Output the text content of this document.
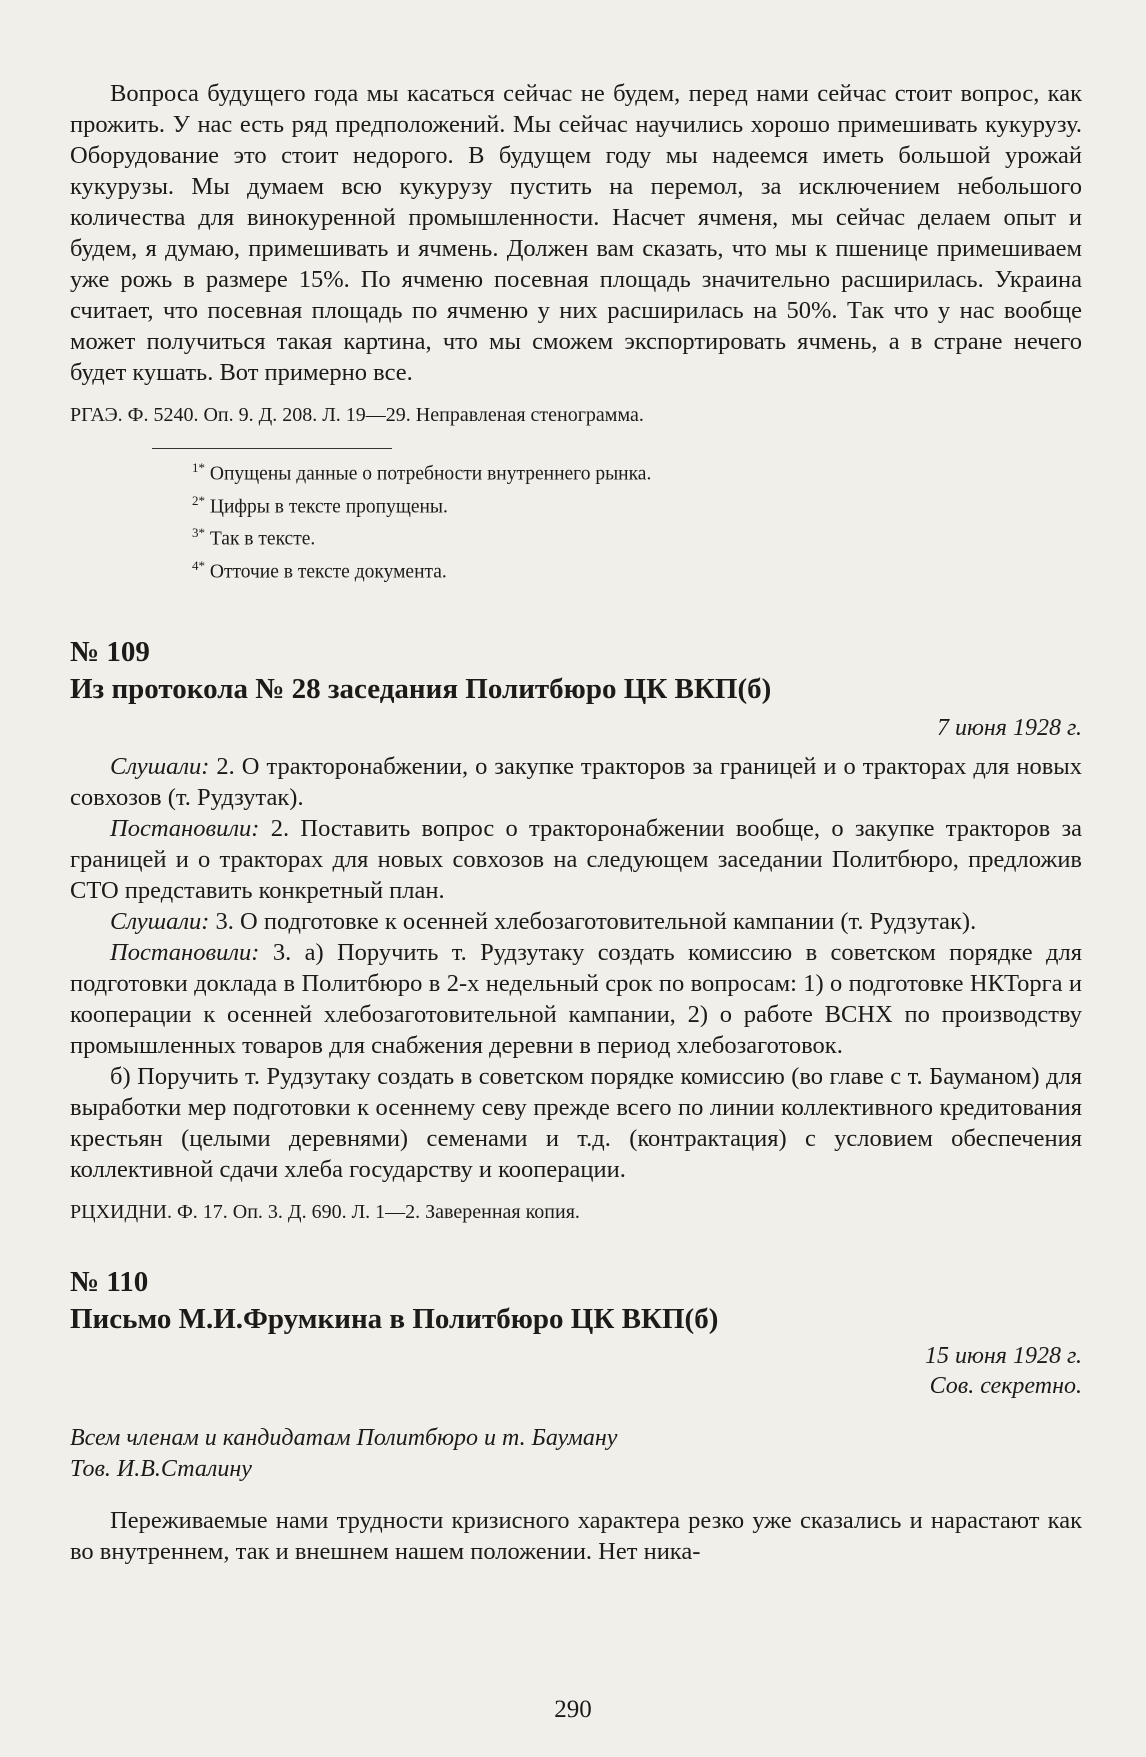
Вопроса будущего года мы касаться сейчас не будем, перед нами сейчас стоит вопрос, как прожить. У нас есть ряд предположений. Мы сейчас научились хорошо примешивать кукурузу. Оборудование это стоит недорого. В будущем году мы надеемся иметь большой урожай кукурузы. Мы думаем всю кукурузу пустить на перемол, за исключением небольшого количества для винокуренной промышленности. Насчет ячменя, мы сейчас делаем опыт и будем, я думаю, примешивать и ячмень. Должен вам сказать, что мы к пшенице примешиваем уже рожь в размере 15%. По ячменю посевная площадь значительно расширилась. Украина считает, что посевная площадь по ячменю у них расширилась на 50%. Так что у нас вообще может получиться такая картина, что мы сможем экспортировать ячмень, а в стране нечего будет кушать. Вот примерно все.

РГАЭ. Ф. 5240. Оп. 9. Д. 208. Л. 19—29. Неправленая стенограмма.

$^{1*}$ Опущены данные о потребности внутреннего рынка.
$^{2*}$ Цифры в тексте пропущены.
$^{3*}$ Так в тексте.
$^{4*}$ Отточие в тексте документа.
№ 109
Из протокола № 28 заседания Политбюро ЦК ВКП(б)
7 июня 1928 г.

Слушали: 2. О тракторонабжении, о закупке тракторов за границей и о тракторах для новых совхозов (т. Рудзутак).

Постановили: 2. Поставить вопрос о тракторонабжении вообще, о закупке тракторов за границей и о тракторах для новых совхозов на следующем заседании Политбюро, предложив СТО представить конкретный план.

Слушали: 3. О подготовке к осенней хлебозаготовительной кампании (т. Рудзутак).

Постановили: 3. а) Поручить т. Рудзутаку создать комиссию в советском порядке для подготовки доклада в Политбюро в 2-х недельный срок по вопросам: 1) о подготовке НКТорга и кооперации к осенней хлебозаготовительной кампании, 2) о работе ВСНХ по производству промышленных товаров для снабжения деревни в период хлебозаготовок.

б) Поручить т. Рудзутаку создать в советском порядке комиссию (во главе с т. Бауманом) для выработки мер подготовки к осеннему севу прежде всего по линии коллективного кредитования крестьян (целыми деревнями) семенами и т.д. (контрактация) с условием обеспечения коллективной сдачи хлеба государству и кооперации.

РЦХИДНИ. Ф. 17. Оп. 3. Д. 690. Л. 1—2. Заверенная копия.

№ 110
Письмо М.И.Фрумкина в Политбюро ЦК ВКП(б)
15 июня 1928 г.
Сов. секретно.
Всем членам и кандидатам Политбюро и т. Бауману
Тов. И.В.Сталину

Переживаемые нами трудности кризисного характера резко уже сказались и нарастают как во внутреннем, так и внешнем нашем положении. Нет ника-

290
